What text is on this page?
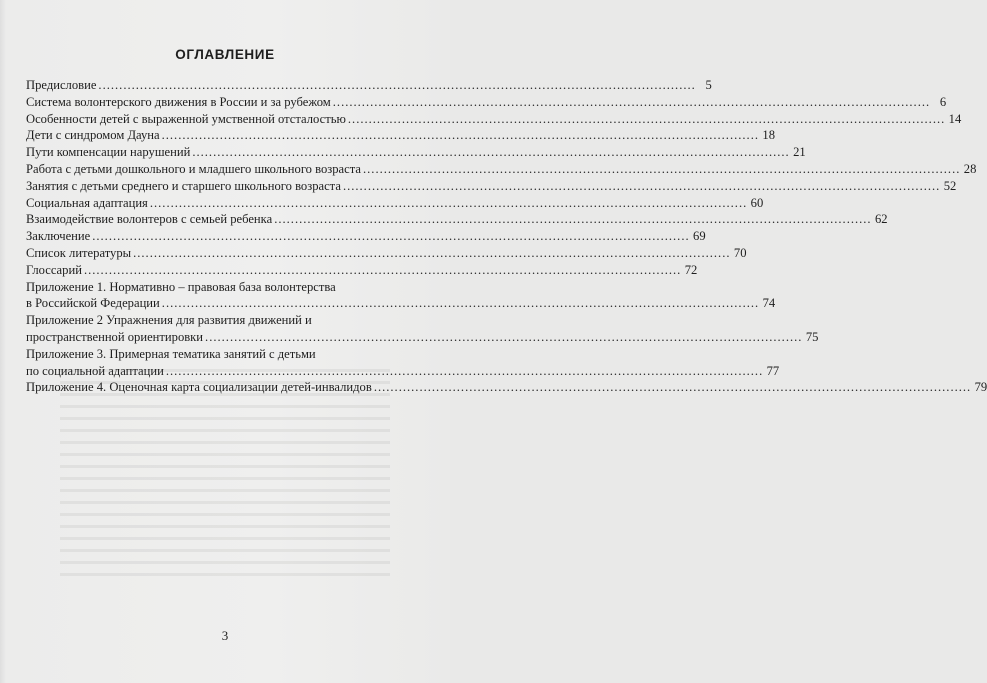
ОГЛАВЛЕНИЕ
Предисловие .....	5
Система волонтерского движения в России и за рубежом .....	6
Особенности детей с выраженной умственной отсталостью .....	14
Дети с синдромом Дауна .....	18
Пути компенсации нарушений .....	21
Работа с детьми дошкольного и младшего школьного возраста .....	28
Занятия с детьми среднего и старшего школьного возраста .....	52
Социальная адаптация .....	60
Взаимодействие волонтеров с семьей ребенка .....	62
Заключение .....	69
Список литературы .....	70
Глоссарий .....	72
Приложение 1. Нормативно – правовая база волонтерства
в Российской Федерации .....	74
Приложение 2 Упражнения для развития движений и
пространственной ориентировки .....	75
Приложение 3. Примерная тематика занятий с детьми
по социальной адаптации .....	77
Приложение 4. Оценочная карта социализации детей-инвалидов .....	79
3
